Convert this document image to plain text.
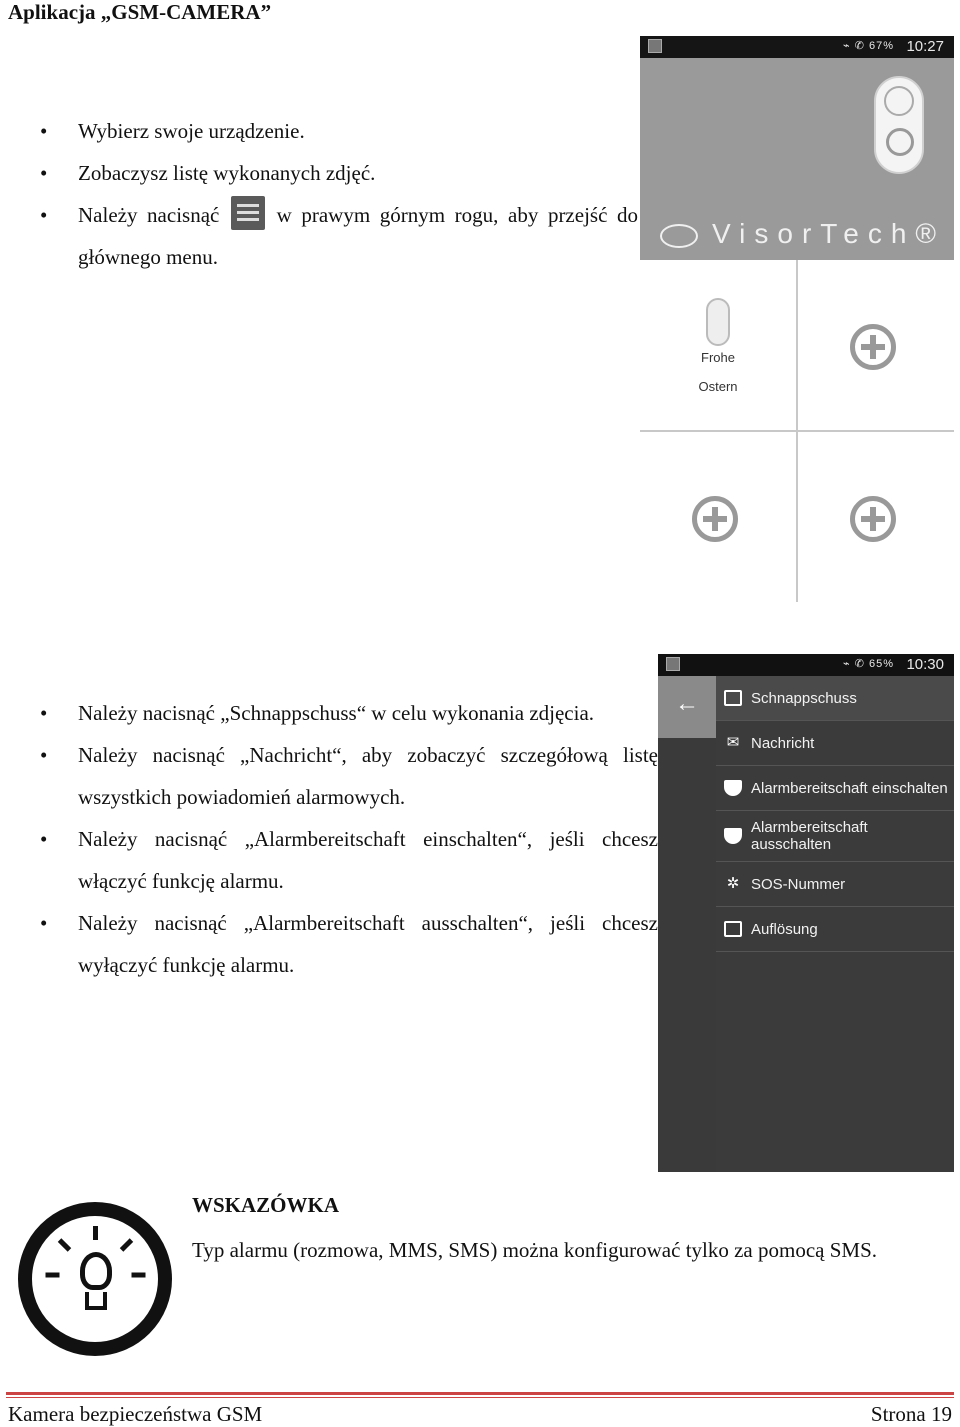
Aplikacja „GSM-CAMERA”
• Wybierz swoje urządzenie.
• Zobaczysz listę wykonanych zdjęć.
• Należy nacisnąć	w prawym górnym rogu, aby przejść do głównego menu.
⌁ ✆ 67% 10:27
VisorTech®
Frohe
Ostern
• Należy nacisnąć „Schnappschuss“ w celu wykonania zdjęcia.
• Należy nacisnąć „Nachricht“, aby zobaczyć szczegółową listę wszystkich powiadomień alarmowych.
• Należy nacisnąć „Alarmbereitschaft einschalten“, jeśli chcesz włączyć funkcję alarmu.
• Należy nacisnąć „Alarmbereitschaft ausschalten“, jeśli chcesz wyłączyć funkcję alarmu.
⌁ ✆ 65% 10:30
←	Schnappschuss
✉ Nachricht
Alarmbereitschaft einschalten
Alarmbereitschaft
ausschalten
✲ SOS-Nummer
Auflösung
WSKAZÓWKA
Typ alarmu (rozmowa, MMS, SMS) można konfigurować tylko za pomocą SMS.
Kamera bezpieczeństwa GSM	Strona 19
